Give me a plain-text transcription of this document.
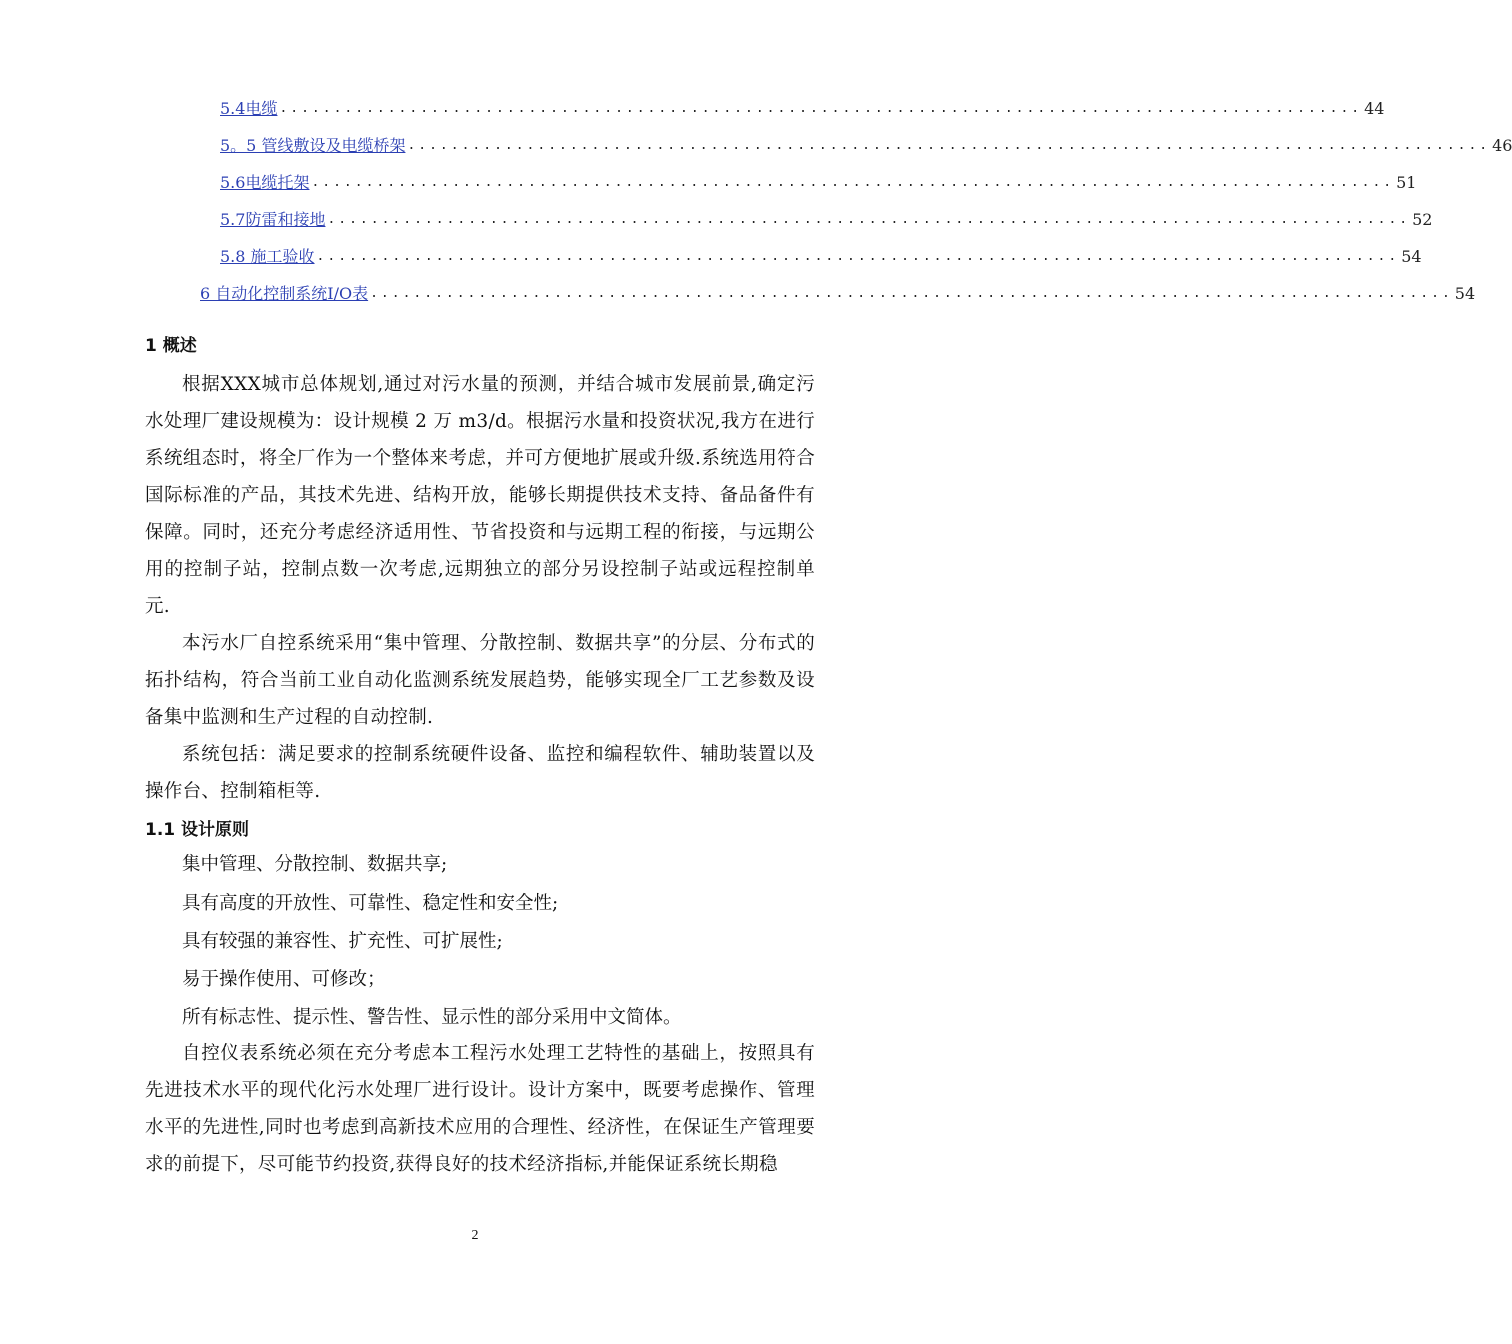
5.4电缆 .................................................................................................... 44
5。5 管线敷设及电缆桥架 .................................................................................................... 46
5.6电缆托架 .................................................................................................... 51
5.7防雷和接地 .................................................................................................... 52
5.8 施工验收 .................................................................................................... 54
6 自动化控制系统I/O表 .................................................................................................... 54
1 概述
根据XXX城市总体规划,通过对污水量的预测，并结合城市发展前景,确定污水处理厂建设规模为：设计规模 2 万 m3/d。根据污水量和投资状况,我方在进行系统组态时，将全厂作为一个整体来考虑，并可方便地扩展或升级.系统选用符合国际标准的产品，其技术先进、结构开放，能够长期提供技术支持、备品备件有保障。同时，还充分考虑经济适用性、节省投资和与远期工程的衔接，与远期公用的控制子站，控制点数一次考虑,远期独立的部分另设控制子站或远程控制单元.
本污水厂自控系统采用“集中管理、分散控制、数据共享”的分层、分布式的拓扑结构，符合当前工业自动化监测系统发展趋势，能够实现全厂工艺参数及设备集中监测和生产过程的自动控制.
系统包括：满足要求的控制系统硬件设备、监控和编程软件、辅助装置以及操作台、控制箱柜等.
1.1 设计原则
集中管理、分散控制、数据共享;
具有高度的开放性、可靠性、稳定性和安全性;
具有较强的兼容性、扩充性、可扩展性;
易于操作使用、可修改；
所有标志性、提示性、警告性、显示性的部分采用中文简体。
自控仪表系统必须在充分考虑本工程污水处理工艺特性的基础上，按照具有先进技术水平的现代化污水处理厂进行设计。设计方案中，既要考虑操作、管理水平的先进性,同时也考虑到高新技术应用的合理性、经济性，在保证生产管理要求的前提下，尽可能节约投资,获得良好的技术经济指标,并能保证系统长期稳
2
